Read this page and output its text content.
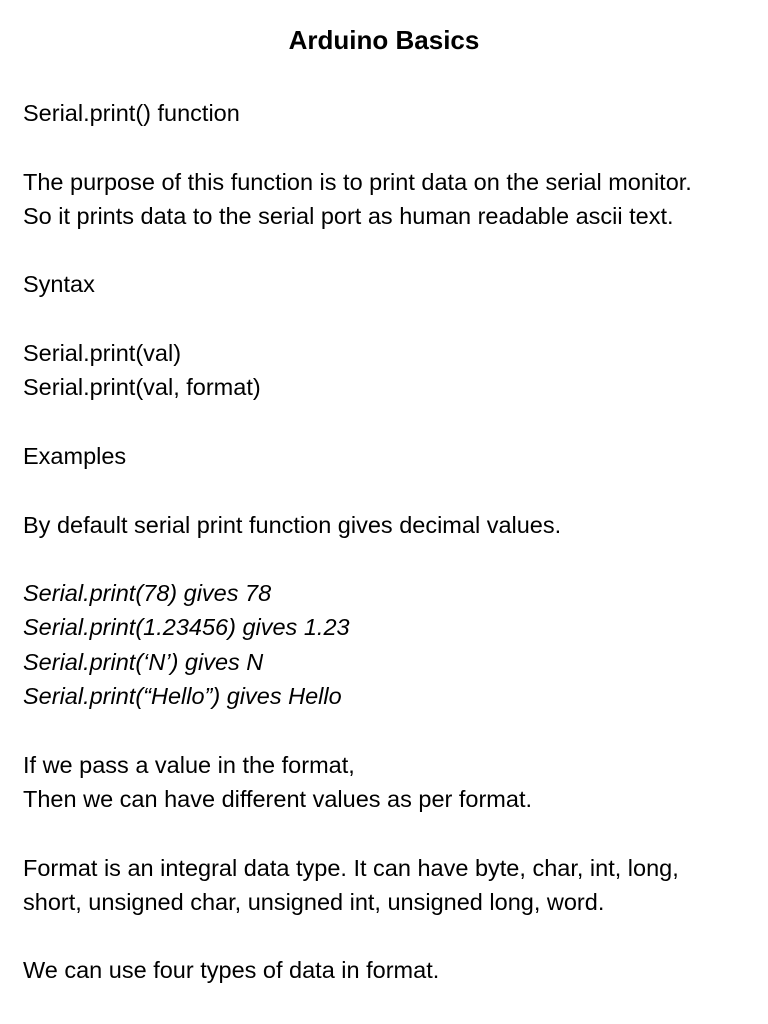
Arduino Basics

Serial.print() function

The purpose of this function is to print data on the serial monitor.

So it prints data to the serial port as human readable ascii text.

Syntax

Serial.print(val)

Serial.print(val, format)

Examples

By default serial print function gives decimal values.

Serial.print(78) gives 78

Serial.print(1.23456) gives 1.23

Serial.print(‘N’) gives N

Serial.print(“Hello”) gives Hello

If we pass a value in the format,

Then we can have different values as per format.

Format is an integral data type. It can have byte, char, int, long,

short, unsigned char, unsigned int, unsigned long, word.

We can use four types of data in format.
